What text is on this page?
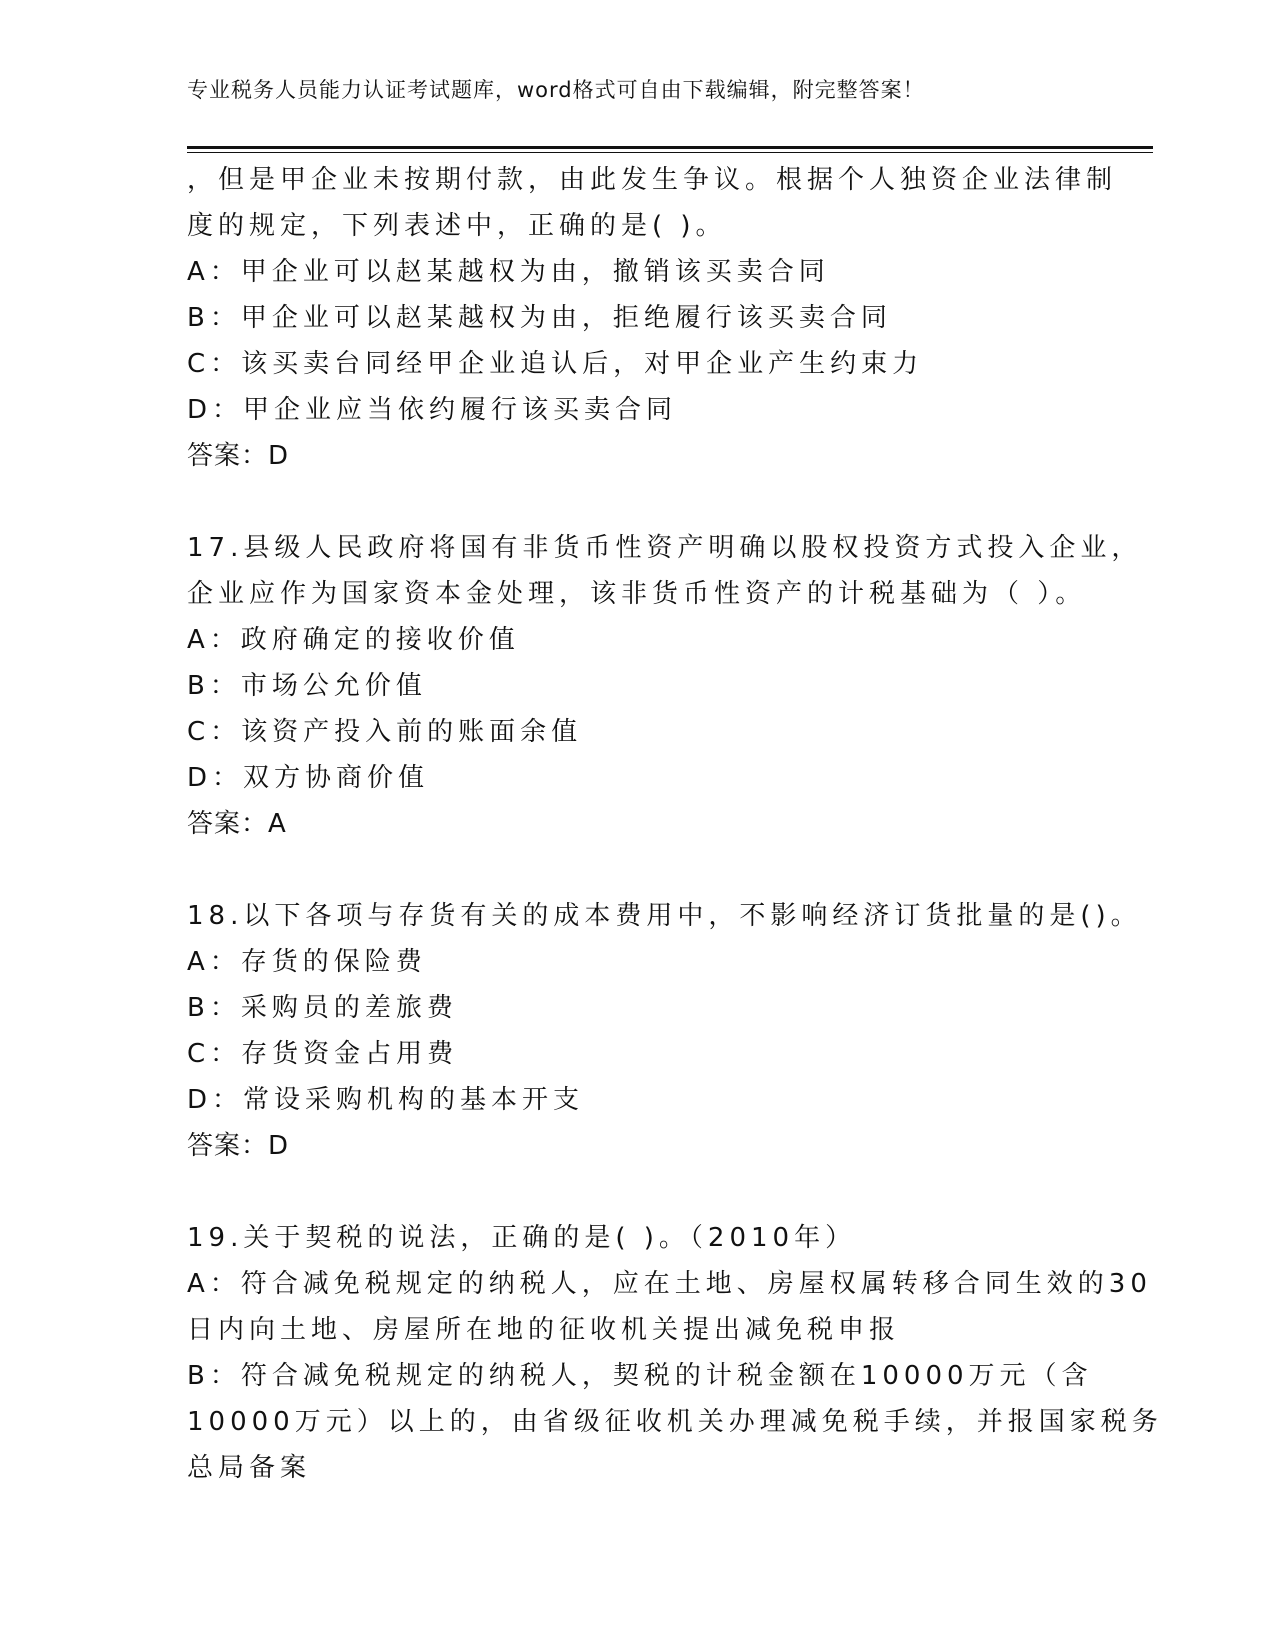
专业税务人员能力认证考试题库，word格式可自由下载编辑，附完整答案！
，但是甲企业未按期付款，由此发生争议。根据个人独资企业法律制
度的规定，下列表述中，正确的是( )。
A：甲企业可以赵某越权为由，撤销该买卖合同
B：甲企业可以赵某越权为由，拒绝履行该买卖合同
C：该买卖台同经甲企业追认后，对甲企业产生约束力
D：甲企业应当依约履行该买卖合同
答案：D
17.县级人民政府将国有非货币性资产明确以股权投资方式投入企业，
企业应作为国家资本金处理，该非货币性资产的计税基础为（ ）。
A：政府确定的接收价值
B：市场公允价值
C：该资产投入前的账面余值
D：双方协商价值
答案：A
18.以下各项与存货有关的成本费用中，不影响经济订货批量的是()。
A：存货的保险费
B：采购员的差旅费
C：存货资金占用费
D：常设采购机构的基本开支
答案：D
19.关于契税的说法，正确的是( )。（2010年）
A：符合减免税规定的纳税人，应在土地、房屋权属转移合同生效的30
日内向土地、房屋所在地的征收机关提出减免税申报
B：符合减免税规定的纳税人，契税的计税金额在10000万元（含
10000万元）以上的，由省级征收机关办理减免税手续，并报国家税务
总局备案
